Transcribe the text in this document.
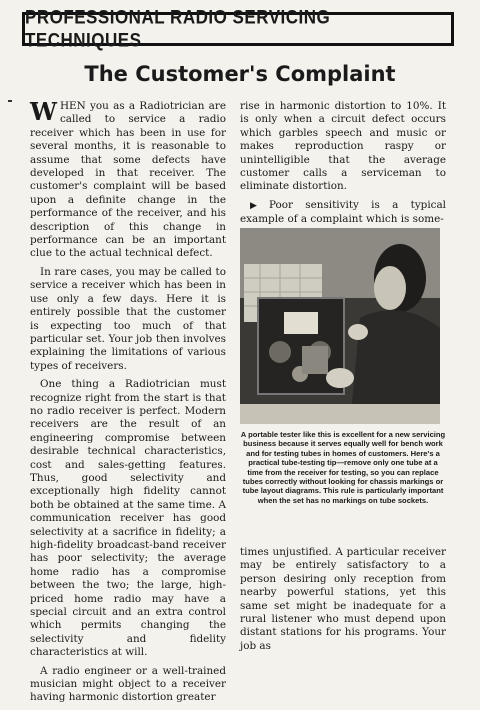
PROFESSIONAL RADIO SERVICING TECHNIQUES
The Customer's Complaint

WHEN you as a Radiotrician are called to service a radio receiver which has been in use for several months, it is reasonable to assume that some defects have developed in that receiver. The customer's complaint will be based upon a definite change in the performance of the receiver, and his description of this change in performance can be an important clue to the actual technical defect.

In rare cases, you may be called to service a receiver which has been in use only a few days. Here it is entirely possible that the customer is expecting too much of that particular set. Your job then involves explaining the limitations of various types of receivers.

One thing a Radiotrician must recognize right from the start is that no radio receiver is perfect. Modern receivers are the result of an engineering compromise between desirable technical characteristics, cost and sales-getting features. Thus, good selectivity and exceptionally high fidelity cannot both be obtained at the same time. A communication receiver has good selectivity at a sacrifice in fidelity; a high-fidelity broadcast-band receiver has poor selectivity; the average home radio has a compromise between the two; the large, high-priced home radio may have a special circuit and an extra control which permits changing the selectivity and fidelity characteristics at will.

A radio engineer or a well-trained musician might object to a receiver having harmonic distortion greater

rise in harmonic distortion to 10%. It is only when a circuit defect occurs which garbles speech and music or makes reproduction raspy or unintelligible that the average customer calls a serviceman to eliminate distortion.

▶ Poor sensitivity is a typical example of a complaint which is some-

times unjustified. A particular receiver may be entirely satisfactory to a person desiring only reception from nearby powerful stations, yet this same set might be inadequate for a rural listener who must depend upon distant stations for his programs. Your job as

A portable tester like this is excellent for a new servicing business because it serves equally well for bench work and for testing tubes in homes of customers. Here's a practical tube-testing tip—remove only one tube at a time from the receiver for testing, so you can replace tubes correctly without looking for chassis markings or tube layout diagrams. This rule is particularly important when the set has no markings on tube sockets.
